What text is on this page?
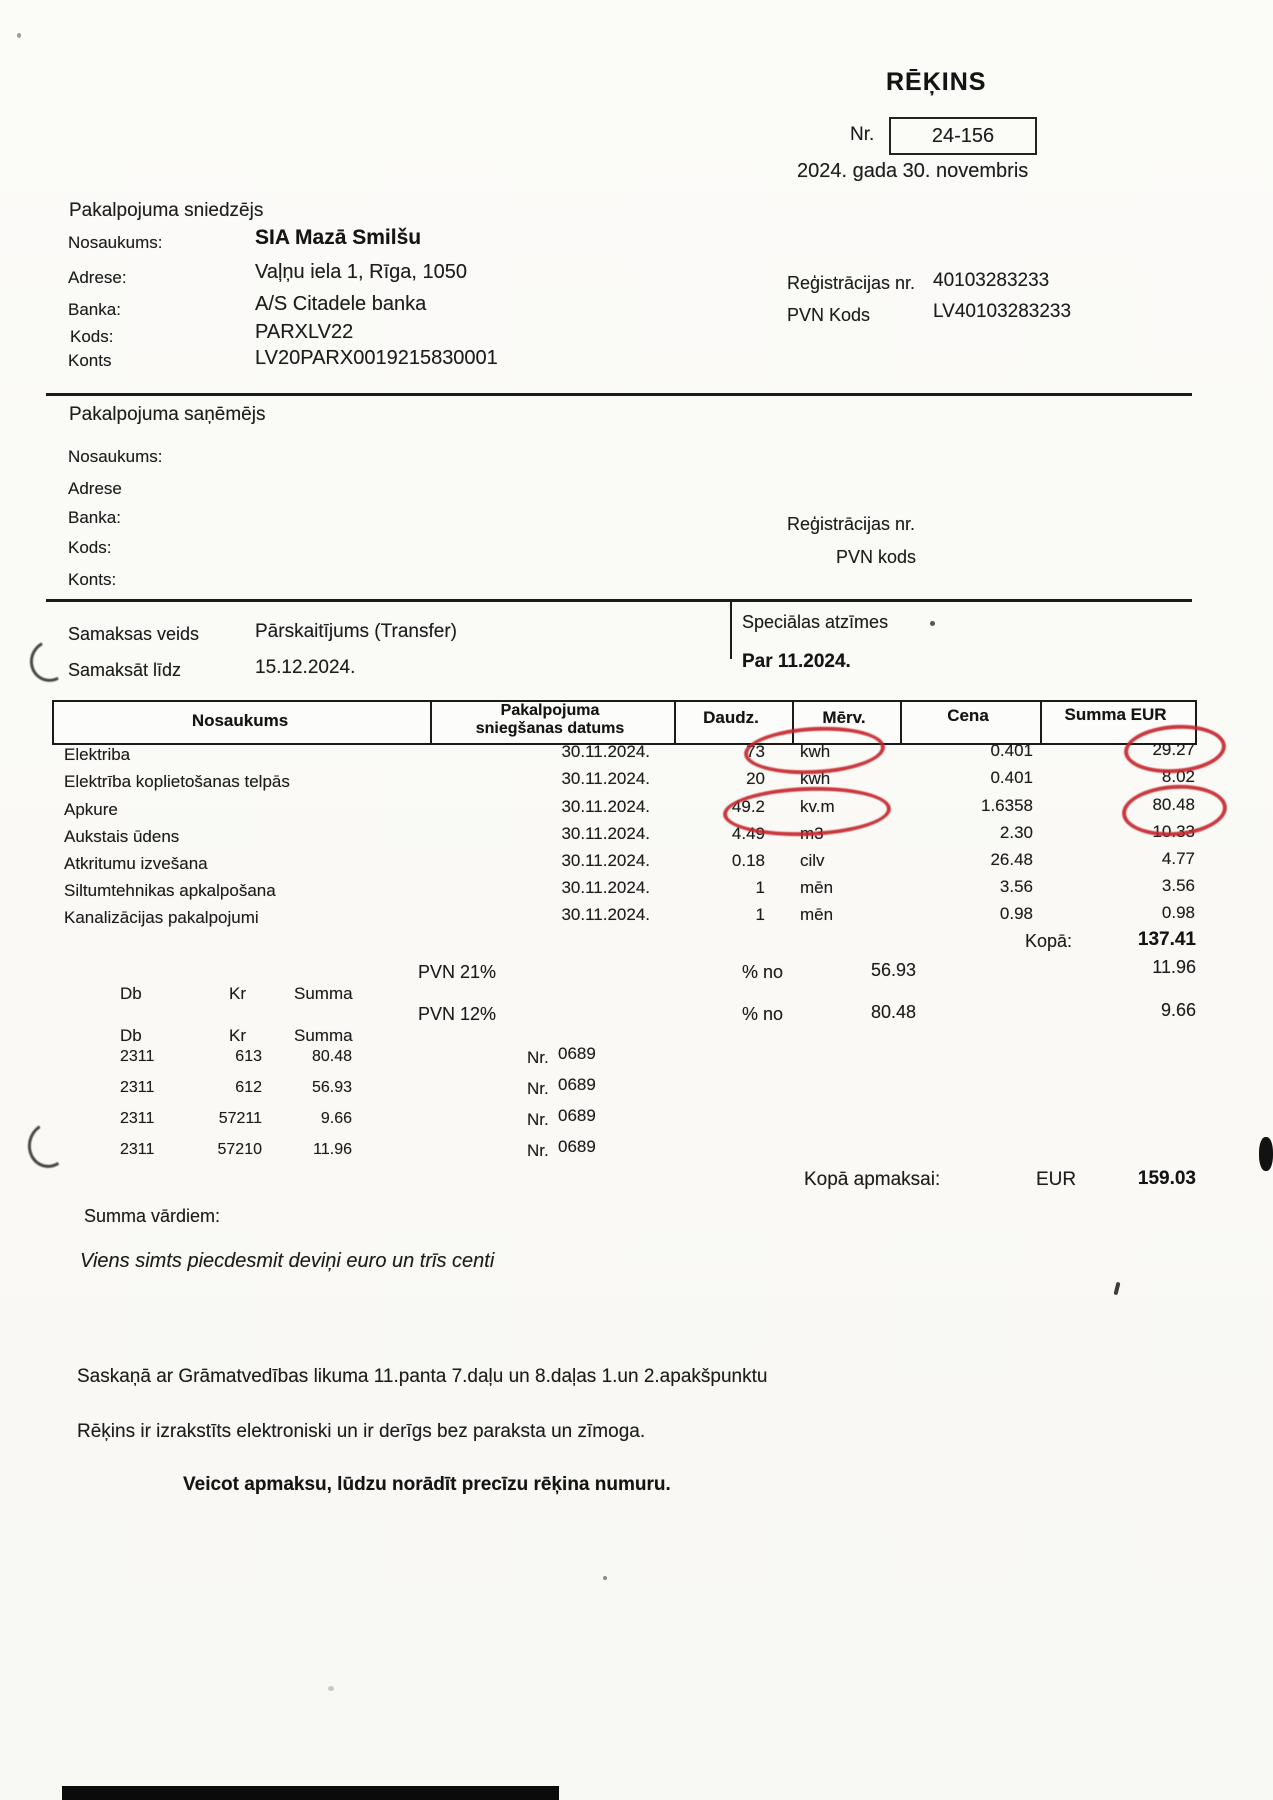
RĒĶINS
Nr.	24-156
2024. gada 30. novembris
Pakalpojuma sniedzējs
Nosaukums:	SIA Mazā Smilšu
Adrese:	Vaļņu iela 1, Rīga, 1050
Banka:	A/S Citadele banka
Kods:	PARXLV22
Konts	LV20PARX0019215830001
Reģistrācijas nr. 40103283233
PVN Kods	LV40103283233
Pakalpojuma saņēmējs
Nosaukums:
Adrese
Banka:
Kods:
Konts:
Reģistrācijas nr.
PVN kods
Samaksas veids	Pārskaitījums (Transfer)
Samaksāt līdz	15.12.2024.
Speciālas atzīmes
Par 11.2024.
Nosaukums
Pakalpojuma
sniegšanas datums
Daudz.	Mērv.	Cena	Summa EUR
Elektriba	30.11.2024.	73 kwh	0.401	29.27
Elektrība koplietošanas telpās	30.11.2024.	20 kwh	0.401	8.02
Apkure	30.11.2024.	49.2 kv.m	1.6358	80.48
Aukstais ūdens	30.11.2024.	4.49 m3	2.30	10.33
Atkritumu izvešana	30.11.2024.	0.18 cilv	26.48	4.77
Siltumtehnikas apkalpošana	30.11.2024.	1 mēn	3.56	3.56
Kanalizācijas pakalpojumi	30.11.2024.	1 mēn	0.98	0.98
Kopā:	137.41
PVN 21%	% no	56.93	11.96
PVN 12%	% no	80.48	9.66
Db	Kr	Summa
Db	Kr	Summa
2311	613	80.48	Nr. 0689
2311	612	56.93	Nr. 0689
2311	57211	9.66	Nr. 0689
2311	57210	11.96	Nr. 0689
Kopā apmaksai:	EUR	159.03
Summa vārdiem:
Viens simts piecdesmit deviņi euro un trīs centi
Saskaņā ar Grāmatvedības likuma 11.panta 7.daļu un 8.daļas 1.un 2.apakšpunktu
Rēķins ir izrakstīts elektroniski un ir derīgs bez paraksta un zīmoga.
Veicot apmaksu, lūdzu norādīt precīzu rēķina numuru.
